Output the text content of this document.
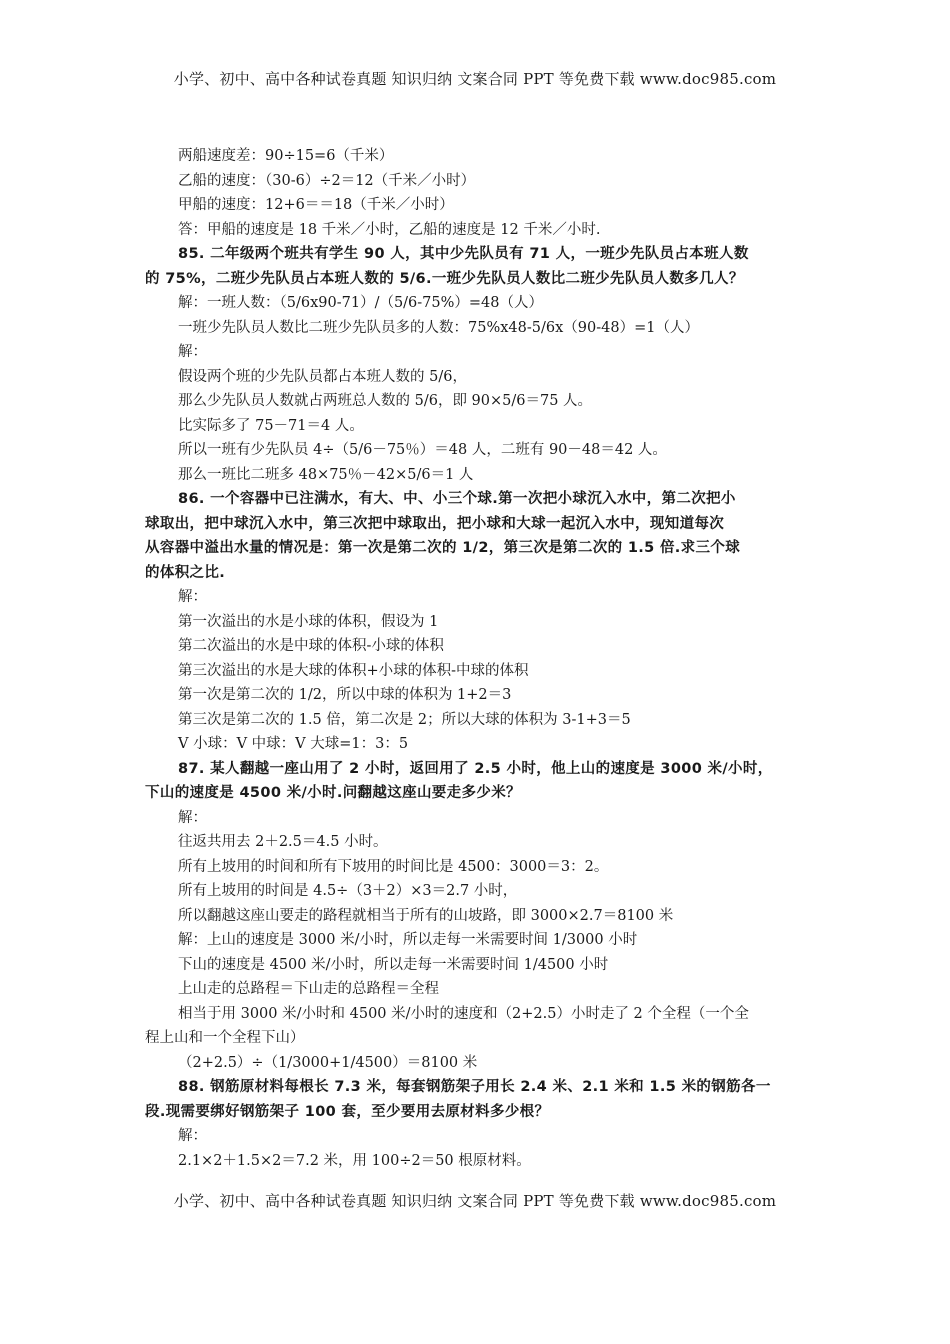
小学、初中、高中各种试卷真题 知识归纳 文案合同 PPT 等免费下载 www.doc985.com
两船速度差：90÷15=6（千米）
乙船的速度：（30-6）÷2＝12（千米／小时）
甲船的速度：12+6＝＝18（千米／小时）
答：甲船的速度是 18 千米／小时，乙船的速度是 12 千米／小时.
85. 二年级两个班共有学生 90 人，其中少先队员有 71 人，一班少先队员占本班人数
的 75%，二班少先队员占本班人数的 5/6.一班少先队员人数比二班少先队员人数多几人？
解：一班人数：（5/6x90-71）/（5/6-75%）=48（人）
一班少先队员人数比二班少先队员多的人数：75%x48-5/6x（90-48）=1（人）
解：
假设两个班的少先队员都占本班人数的 5/6，
那么少先队员人数就占两班总人数的 5/6，即 90×5/6＝75 人。
比实际多了 75－71＝4 人。
所以一班有少先队员 4÷（5/6－75％）＝48 人，二班有 90－48＝42 人。
那么一班比二班多 48×75％－42×5/6＝1 人
86. 一个容器中已注满水，有大、中、小三个球.第一次把小球沉入水中，第二次把小
球取出，把中球沉入水中，第三次把中球取出，把小球和大球一起沉入水中，现知道每次
从容器中溢出水量的情况是：第一次是第二次的 1/2，第三次是第二次的 1.5 倍.求三个球
的体积之比.
解：
第一次溢出的水是小球的体积，假设为 1
第二次溢出的水是中球的体积-小球的体积
第三次溢出的水是大球的体积+小球的体积-中球的体积
第一次是第二次的 1/2，所以中球的体积为 1+2＝3
第三次是第二次的 1.5 倍，第二次是 2；所以大球的体积为 3-1+3＝5
V 小球：V 中球：V 大球=1：3：5
87. 某人翻越一座山用了 2 小时，返回用了 2.5 小时，他上山的速度是 3000 米/小时，
下山的速度是 4500 米/小时.问翻越这座山要走多少米？
解：
往返共用去 2＋2.5＝4.5 小时。
所有上坡用的时间和所有下坡用的时间比是 4500：3000＝3：2。
所有上坡用的时间是 4.5÷（3＋2）×3＝2.7 小时，
所以翻越这座山要走的路程就相当于所有的山坡路，即 3000×2.7＝8100 米
解：上山的速度是 3000 米/小时，所以走每一米需要时间 1/3000 小时
下山的速度是 4500 米/小时，所以走每一米需要时间 1/4500 小时
上山走的总路程＝下山走的总路程＝全程
相当于用 3000 米/小时和 4500 米/小时的速度和（2+2.5）小时走了 2 个全程（一个全
程上山和一个全程下山）
（2+2.5）÷（1/3000+1/4500）＝8100 米
88. 钢筋原材料每根长 7.3 米，每套钢筋架子用长 2.4 米、2.1 米和 1.5 米的钢筋各一
段.现需要绑好钢筋架子 100 套，至少要用去原材料多少根？
解：
2.1×2＋1.5×2＝7.2 米，用 100÷2＝50 根原材料。
小学、初中、高中各种试卷真题 知识归纳 文案合同 PPT 等免费下载 www.doc985.com
